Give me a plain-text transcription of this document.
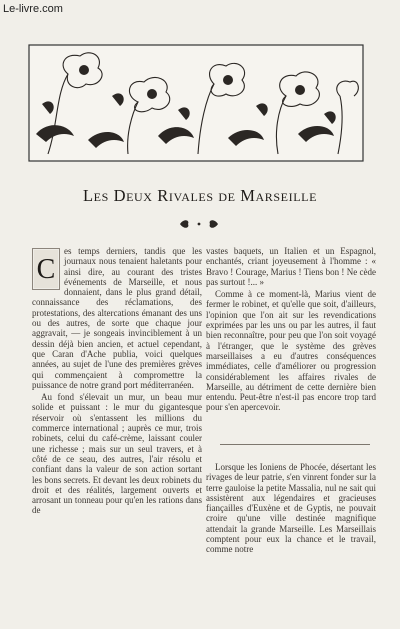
Le-livre.com
Les Deux Rivales de Marseille

C
es temps derniers, tandis que les journaux nous tenaient haletants pour ainsi dire, au courant des tristes événements de Marseille, et nous donnaient, dans le plus grand détail, connaissance des réclamations, des protestations, des altercations émanant des uns ou des autres, de sorte que chaque jour aggravait, — je songeais invinciblement à un dessin déjà bien ancien, et actuel cependant, que Caran d'Ache publia, voici quelques années, au sujet de l'une des premières grèves qui commençaient à compromettre la puissance de notre grand port méditerranéen.

Au fond s'élevait un mur, un beau mur solide et puissant : le mur du gigantesque réservoir où s'entassent les millions du commerce international ; auprès ce mur, trois robinets, celui du café-crème, laissant couler une richesse ; mais sur un seul travers, et à côté de ce seau, des autres, l'air résolu et confiant dans la valeur de son action sortant les bons secrets. Et devant les deux robinets du droit et des réalités, largement ouverts et arrosant un tonneau pour qu'en les rations dans de

vastes baquets, un Italien et un Espagnol, enchantés, criant joyeusement à l'homme : « Bravo ! Courage, Marius ! Tiens bon ! Ne cède pas surtout !... »

Comme à ce moment-là, Marius vient de fermer le robinet, et qu'elle que soit, d'ailleurs, l'opinion que l'on ait sur les revendications exprimées par les uns ou par les autres, il faut bien reconnaître, pour peu que l'on soit voyagé à l'étranger, que le système des grèves marseillaises a eu d'autres conséquences immédiates, celle d'améliorer ou progression considérablement les affaires rivales de Marseille, au détriment de cette dernière bien entendu. Peut-être n'est-il pas encore trop tard pour s'en apercevoir.

Lorsque les Ioniens de Phocée, désertant les rivages de leur patrie, s'en vinrent fonder sur la terre gauloise la petite Massalia, nul ne sait qui assistèrent aux légendaires et gracieuses fiançailles d'Euxène et de Gyptis, ne pouvait croire qu'une ville destinée magnifique attendait la grande Marseille. Les Marseillais comptent pour eux la chance et le travail, comme notre
